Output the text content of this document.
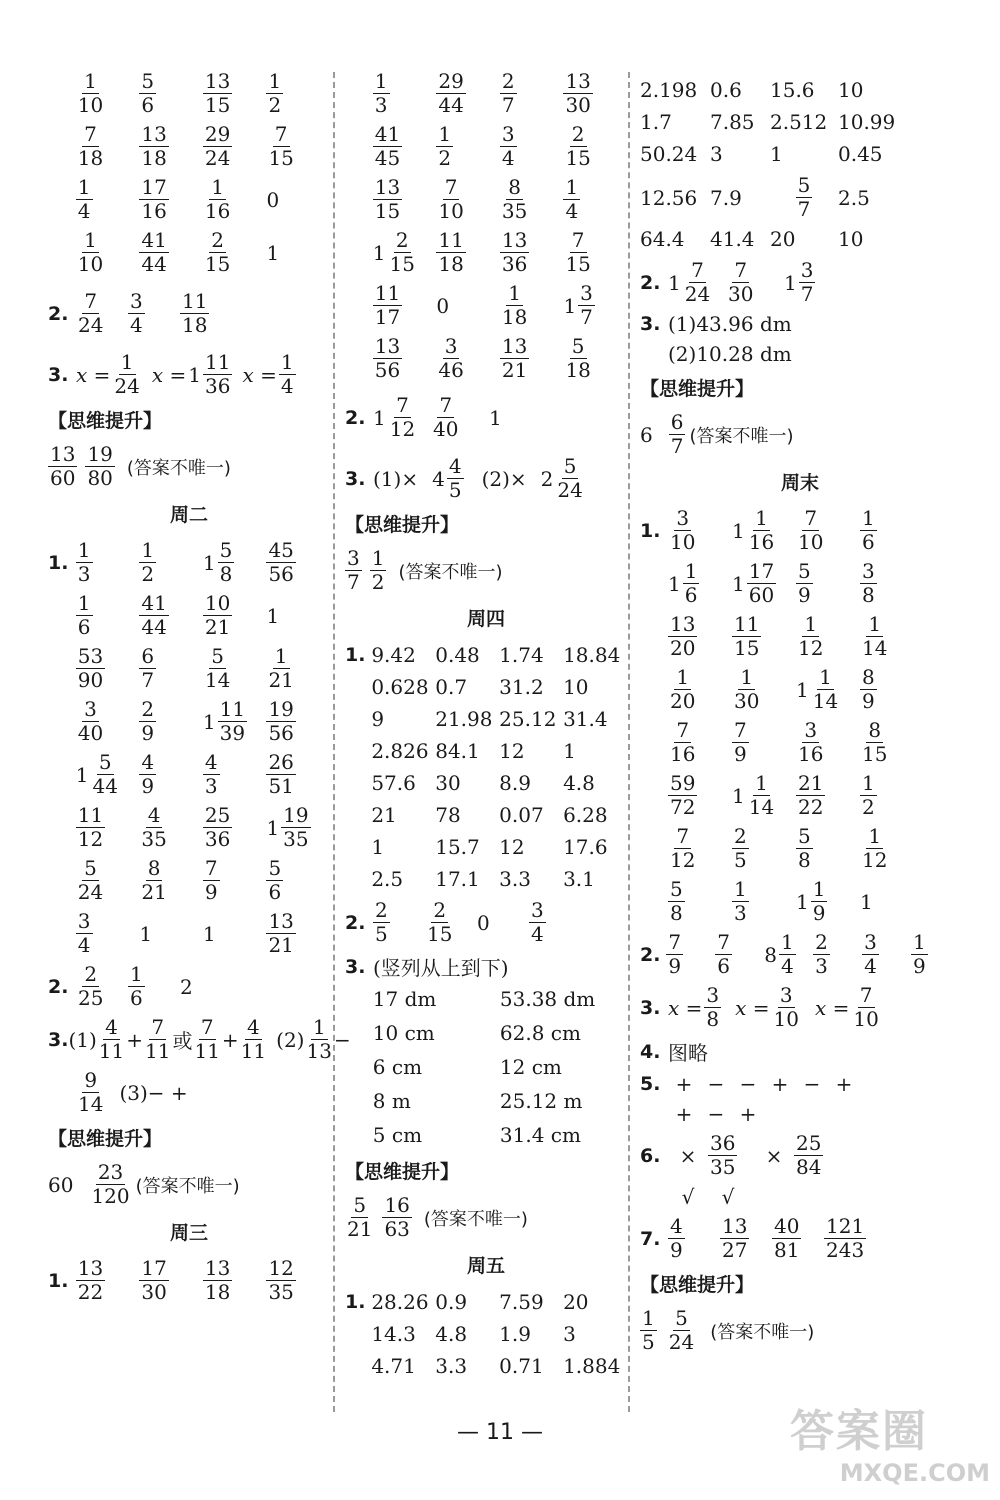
$\frac{1}{10} \frac{5}{6} \frac{13}{15} \frac{1}{2}$
$\frac{7}{18} \frac{13}{18} \frac{29}{24} \frac{7}{15}$
$\frac{1}{4} \frac{17}{16} \frac{1}{16} 0$
$\frac{1}{10} \frac{41}{44} \frac{2}{15} 1$
2. $\frac{7}{24} \frac{3}{4} \frac{11}{18}$
3. $x = \frac{1}{24}$ $x = 1 \frac{11}{36}$ $x = \frac{1}{4}$
【思维提升】
$\frac{13}{60} \frac{19}{80}$ (答案不唯一)
周二
1. $\frac{1}{3} \frac{1}{2} 1 \frac{5}{8} \frac{45}{56}$
$\frac{1}{6} \frac{41}{44} \frac{10}{21} 1$
$\frac{53}{90} \frac{6}{7} \frac{5}{14} \frac{1}{21}$
$\frac{3}{40} \frac{2}{9} 1 \frac{11}{39} \frac{19}{56}$
$1 \frac{5}{44} \frac{4}{9} \frac{4}{3} \frac{26}{51}$
$\frac{11}{12} \frac{4}{35} \frac{25}{36} 1 \frac{19}{35}$
$\frac{5}{24} \frac{8}{21} \frac{7}{9} \frac{5}{6}$
$\frac{3}{4} 1$	1	$\frac{13}{21}$
2. $\frac{2}{25} \frac{1}{6} 2$
3. $(1) \frac{4}{11} + \frac{7}{11}$ 或 $\frac{7}{11} + \frac{4}{11} (2) \frac{1}{13}$ −
$\frac{9}{14} (3)-$ +
【思维提升】
$60 \frac{23}{120}$ (答案不唯一)
周三
1. $\frac{13}{22} \frac{17}{30} \frac{13}{18} \frac{12}{35}$
$\frac{1}{3} \frac{29}{44} \frac{2}{7} \frac{13}{30}$
$\frac{41}{45} \frac{1}{2} \frac{3}{4} \frac{2}{15}$
$\frac{13}{15} \frac{7}{10} \frac{8}{35} \frac{1}{4}$
$1 \frac{2}{15} \frac{11}{18} \frac{13}{36} \frac{7}{15}$
$\frac{11}{17} 0$	$\frac{1}{18} 1 \frac{3}{7}$
$\frac{13}{56} \frac{3}{46} \frac{13}{21} \frac{5}{18}$
2. $1 \frac{7}{12} \frac{7}{40} 1$
3. $(1)\times 4 \frac{4}{5} (2)\times 2 \frac{5}{24}$
【思维提升】
$\frac{3}{7} \frac{1}{2}$ (答案不唯一)
周四
1. 9.42 0.48 1.74 18.84
0.628 0.7	31.2 10
9	21.98 25.12 31.4
2.826 84.1 12	1
57.6 30	8.9	4.8
21	78	0.07 6.28
1	15.7 12	17.6
2.5	17.1 3.3	3.1
2. $\frac{2}{5} \frac{2}{15} 0 \frac{3}{4}$
3. (竖列从上到下)
17 dm	53.38 dm
10 cm	62.8 cm
6 cm	12 cm
8 m	25.12 m
5 cm	31.4 cm
【思维提升】
$\frac{5}{21} \frac{16}{63}$ (答案不唯一)
周五
1. 28.26 0.9	7.59 20
14.3 4.8	1.9	3
4.71 3.3	0.71 1.884
2.198 0.6	15.6	10
1.7	7.85 2.512 10.99
50.24 3	1	0.45
12.56 7.9	$\frac{5}{7} 2.5$
64.4	41.4 20	10
2. $1 \frac{7}{24} \frac{7}{30} 1 \frac{3}{7}$
3. (1)43.96 dm
(2)10.28 dm
【思维提升】
$6 \frac{6}{7}$ (答案不唯一)
周末
1. $\frac{3}{10} 1 \frac{1}{16} \frac{7}{10} \frac{1}{6}$
$1 \frac{1}{6} 1 \frac{17}{60} \frac{5}{9} \frac{3}{8}$
$\frac{13}{20} \frac{11}{15} \frac{1}{12} \frac{1}{14}$
$\frac{1}{20} \frac{1}{30} 1 \frac{1}{14} \frac{8}{9}$
$\frac{7}{16} \frac{7}{9} \frac{3}{16} \frac{8}{15}$
$\frac{59}{72} 1 \frac{1}{14} \frac{21}{22} \frac{1}{2}$
$\frac{7}{12} \frac{2}{5} \frac{5}{8} \frac{1}{12}$
$\frac{5}{8} \frac{1}{3} 1 \frac{1}{9} 1$
2. $\frac{7}{9} \frac{7}{6} 8 \frac{1}{4} \frac{2}{3} \frac{3}{4} \frac{1}{9}$
3. $x = \frac{3}{8}$ $x = \frac{3}{10}$ $x = \frac{7}{10}$
4. 图略
5. + − − + − +
+ − +
6. × $\frac{36}{35}$	× $\frac{25}{84}$
√	√
7. $\frac{4}{9} \frac{13}{27} \frac{40}{81} \frac{121}{243}$
【思维提升】
$\frac{1}{5} \frac{5}{24}$ (答案不唯一)
— 11 —	答案圈
MXQE.COM
